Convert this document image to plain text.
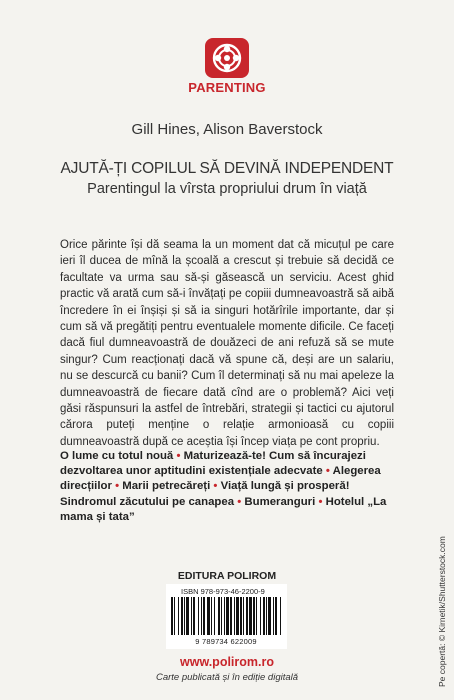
PARENTING
Gill Hines, Alison Baverstock
AJUTĂ-ȚI COPILUL SĂ DEVINĂ INDEPENDENT
Parentingul la vîrsta propriului drum în viață

Orice părinte își dă seama la un moment dat că micuțul pe care ieri îl ducea de mînă la școală a crescut și trebuie să decidă ce facultate va urma sau să-și găsească un serviciu. Acest ghid practic vă arată cum să-i învățați pe copiii dumneavoastră să aibă încredere în ei înșiși și să ia singuri hotărîrile importante, dar și cum să vă pregătiți pentru eventualele momente dificile. Ce faceți dacă fiul dumneavoastră de douăzeci de ani refuză să se mute singur? Cum reacționați dacă vă spune că, deși are un salariu, nu se descurcă cu banii? Cum îl determinați să nu mai apeleze la dumneavoastră de fiecare dată cînd are o problemă? Aici veți găsi răspunsuri la astfel de întrebări, strategii și tactici cu ajutorul cărora puteți menține o relație armonioasă cu copiii dumneavoastră după ce aceștia își încep viața pe cont propriu.

O lume cu totul nouă • Maturizează-te! Cum să încurajezi dezvoltarea unor aptitudini existențiale adecvate • Alegerea direcțiilor • Marii petrecăreți • Viață lungă și prosperă!
Sindromul zăcutului pe canapea • Bumeranguri • Hotelul „La mama și tata”
EDITURA POLIROM
ISBN 978-973-46-2200-9
9 789734 622009
www.polirom.ro
Carte publicată și în ediție digitală	Pe copertă: © Kirnetik/Shutterstock.com
